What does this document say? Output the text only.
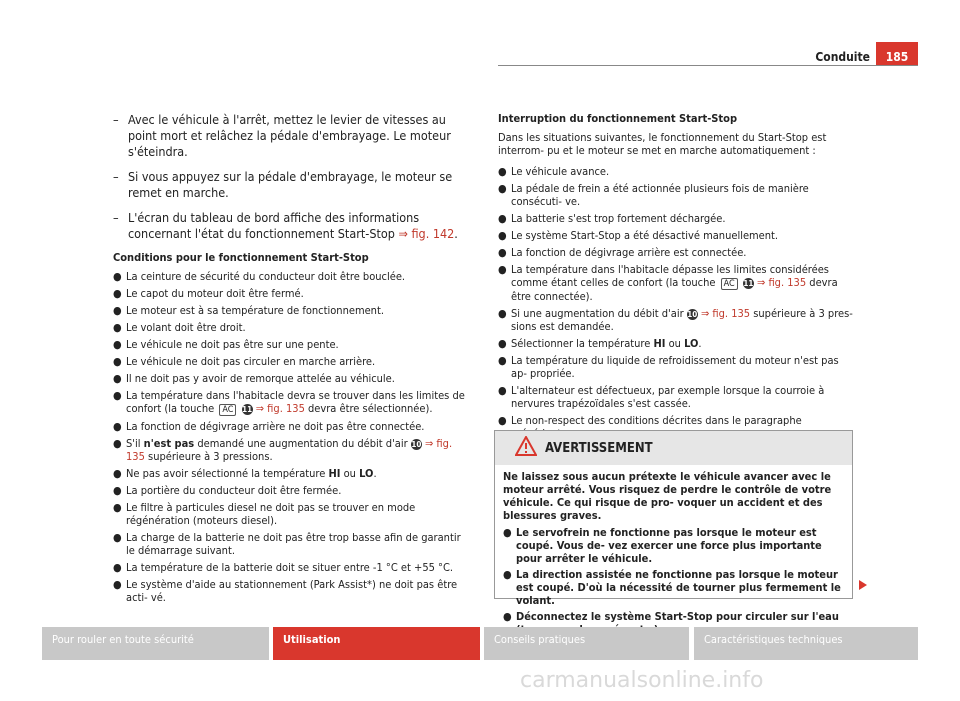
Conduite	185
– Avec le véhicule à l'arrêt, mettez le levier de vitesses au point mort et relâchez la pédale d'embrayage. Le moteur s'éteindra.
– Si vous appuyez sur la pédale d'embrayage, le moteur se remet en marche.
– L'écran du tableau de bord affiche des informations concernant l'état du fonctionnement Start-Stop ⇒ fig. 142.
Conditions pour le fonctionnement Start-Stop
● La ceinture de sécurité du conducteur doit être bouclée.
● Le capot du moteur doit être fermé.
● Le moteur est à sa température de fonctionnement.
● Le volant doit être droit.
● Le véhicule ne doit pas être sur une pente.
● Le véhicule ne doit pas circuler en marche arrière.
● Il ne doit pas y avoir de remorque attelée au véhicule.
● La température dans l'habitacle devra se trouver dans les limites de confort (la touche AC 11 ⇒ fig. 135 devra être sélectionnée).
● La fonction de dégivrage arrière ne doit pas être connectée.
● S'il n'est pas demandé une augmentation du débit d'air 10 ⇒ fig. 135 supérieure à 3 pressions.
● Ne pas avoir sélectionné la température HI ou LO.
● La portière du conducteur doit être fermée.
● Le filtre à particules diesel ne doit pas se trouver en mode régénération (moteurs diesel).
● La charge de la batterie ne doit pas être trop basse afin de garantir le démarrage suivant.
● La température de la batterie doit se situer entre -1 °C et +55 °C.
● Le système d'aide au stationnement (Park Assist*) ne doit pas être acti- vé.
Interruption du fonctionnement Start-Stop
Dans les situations suivantes, le fonctionnement du Start-Stop est interrom- pu et le moteur se met en marche automatiquement :
● Le véhicule avance.
● La pédale de frein a été actionnée plusieurs fois de manière consécuti- ve.
● La batterie s'est trop fortement déchargée.
● Le système Start-Stop a été désactivé manuellement.
● La fonction de dégivrage arrière est connectée.
● La température dans l'habitacle dépasse les limites considérées comme étant celles de confort (la touche AC 11 ⇒ fig. 135 devra être connectée).
● Si une augmentation du débit d'air 10 ⇒ fig. 135 supérieure à 3 pres- sions est demandée.
● Sélectionner la température HI ou LO.
● La température du liquide de refroidissement du moteur n'est pas ap- propriée.
● L'alternateur est défectueux, par exemple lorsque la courroie à nervures trapézoïdales s'est cassée.
● Le non-respect des conditions décrites dans le paragraphe
AVERTISSEMENT
Ne laissez sous aucun prétexte le véhicule avancer avec le moteur arrêté. Vous risquez de perdre le contrôle de votre véhicule. Ce qui risque de pro- voquer un accident et des blessures graves.
● Le servofrein ne fonctionne pas lorsque le moteur est coupé. Vous de- vez exercer une force plus importante pour arrêter le véhicule.
● La direction assistée ne fonctionne pas lorsque le moteur est coupé. D'où la nécessité de tourner plus fermement le volant.
● Déconnectez le système Start-Stop pour circuler sur l'eau
Pour rouler en toute sécurité	Utilisation	Conseils pratiques	Caractéristiques techniques
carmanualsonline.info
